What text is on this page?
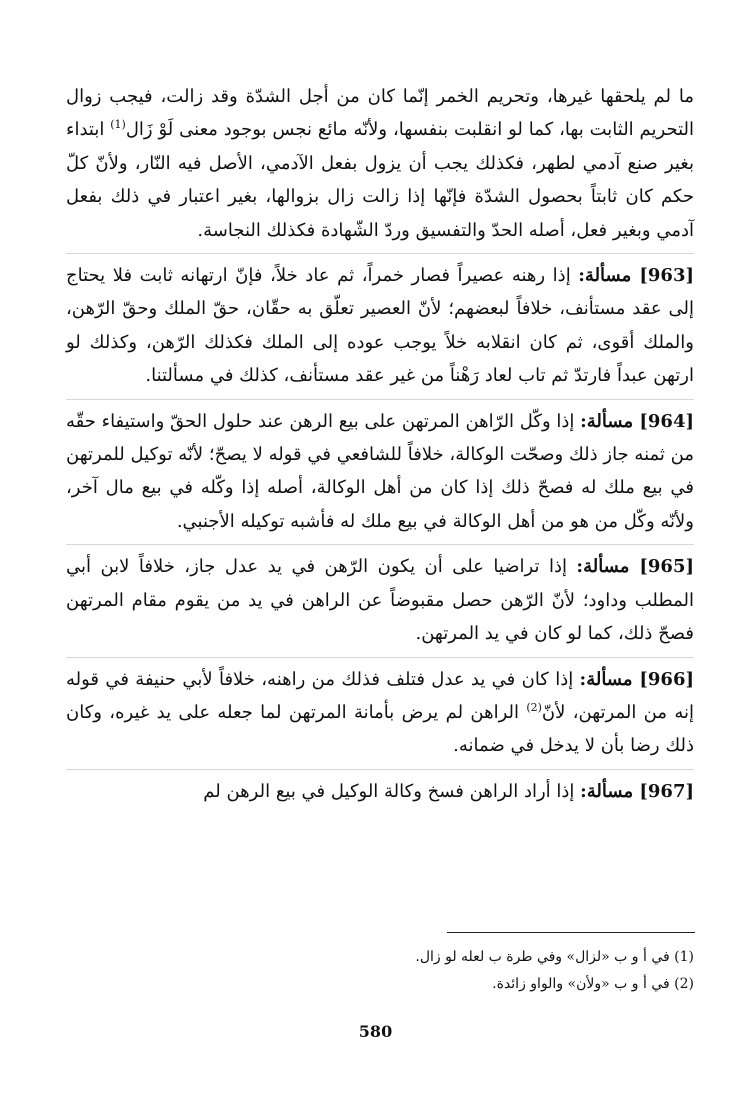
ما لم يلحقها غيرها، وتحريم الخمر إنّما كان من أجل الشدّة وقد زالت، فيجب زوال التحريم الثابت بها، كما لو انقلبت بنفسها، ولأنّه مائع نجس بوجود معنى لَوْ زَال$^{(1)}$ ابتداء بغير صنع آدمي لطهر، فكذلك يجب أن يزول بفعل الآدمي، الأصل فيه النّار، ولأنّ كلّ حكم كان ثابتاً بحصول الشدّة فإنّها إذا زالت زال بزوالها، بغير اعتبار في ذلك بفعل آدمي وبغير فعل، أصله الحدّ والتفسيق وردّ الشّهادة فكذلك النجاسة.

[963] مسألة: إذا رهنه عصيراً فصار خمراً، ثم عاد خلاً، فإنّ ارتهانه ثابت فلا يحتاج إلى عقد مستأنف، خلافاً لبعضهم؛ لأنّ العصير تعلّق به حقّان، حقّ الملك وحقّ الرّهن، والملك أقوى، ثم كان انقلابه خلاً يوجب عوده إلى الملك فكذلك الرّهن، وكذلك لو ارتهن عبداً فارتدّ ثم تاب لعاد رَهْناً من غير عقد مستأنف، كذلك في مسألتنا.

[964] مسألة: إذا وكّل الرّاهن المرتهن على بيع الرهن عند حلول الحقّ واستيفاء حقّه من ثمنه جاز ذلك وصحّت الوكالة، خلافاً للشافعي في قوله لا يصحّ؛ لأنّه توكيل للمرتهن في بيع ملك له فصحّ ذلك إذا كان من أهل الوكالة، أصله إذا وكّله في بيع مال آخر، ولأنّه وكّل من هو من أهل الوكالة في بيع ملك له فأشبه توكيله الأجنبي.

[965] مسألة: إذا تراضيا على أن يكون الرّهن في يد عدل جاز، خلافاً لابن أبي المطلب وداود؛ لأنّ الرّهن حصل مقبوضاً عن الراهن في يد من يقوم مقام المرتهن فصحّ ذلك، كما لو كان في يد المرتهن.

[966] مسألة: إذا كان في يد عدل فتلف فذلك من راهنه، خلافاً لأبي حنيفة في قوله إنه من المرتهن، لأنّ$^{(2)}$ الراهن لم يرض بأمانة المرتهن لما جعله على يد غيره، وكان ذلك رضا بأن لا يدخل في ضمانه.

[967] مسألة: إذا أراد الراهن فسخ وكالة الوكيل في بيع الرهن لم

(1) في أ و ب «لزال» وفي طرة ب لعله لو زال.

(2) في أ و ب «ولأن» والواو زائدة.

580
